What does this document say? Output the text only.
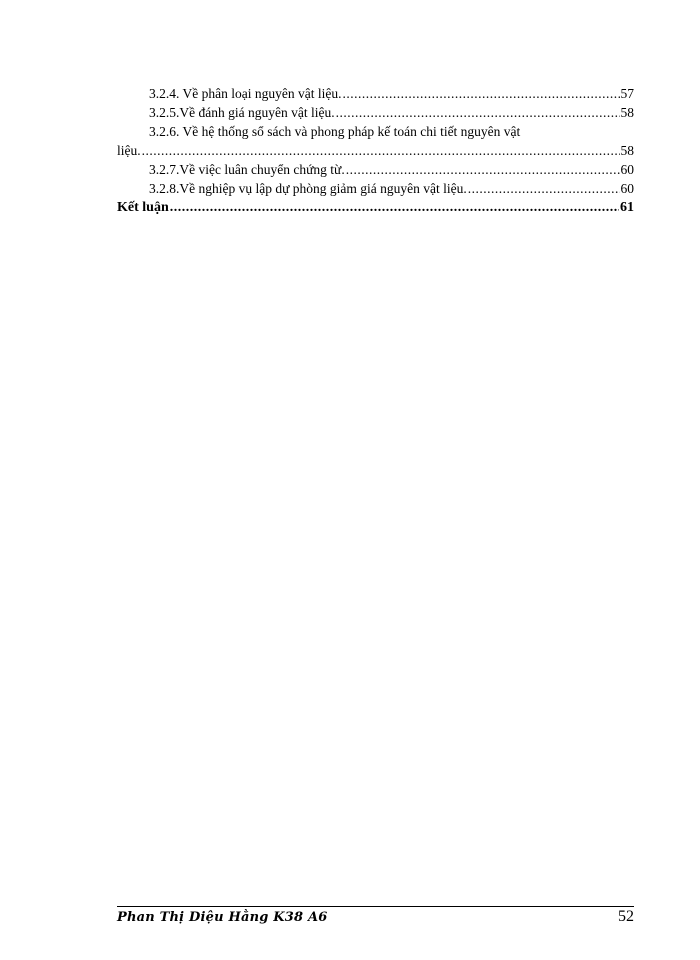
3.2.4. Về phân loại nguyên vật liệu. .....	57
3.2.5.Về đánh giá nguyên vật liệu. .....	58
3.2.6. Về hệ thống sổ sách và phong pháp kế toán chi tiết nguyên vật
liệu. .....	58
3.2.7.Về việc luân chuyển chứng từ. .....	60
3.2.8.Về nghiệp vụ lập dự phòng giảm giá nguyên vật liệu. .....	60
Kết luận .....	61
Phan Thị Diệu Hằng K38 A6	52
